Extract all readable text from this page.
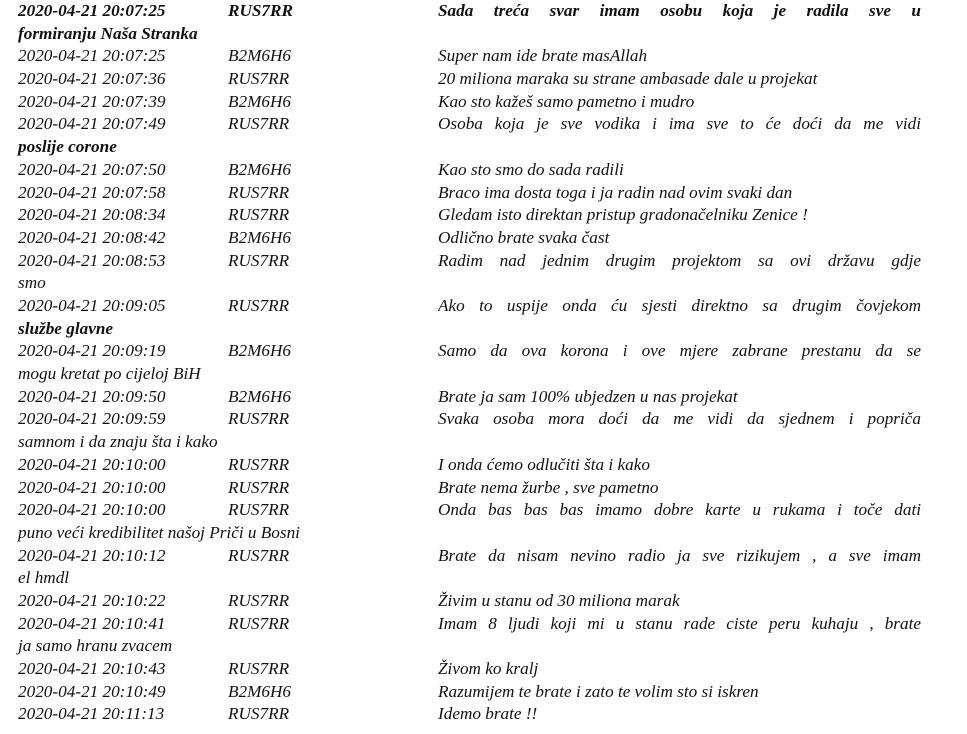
2020-04-21 20:07:25	RUS7RR	Sada treća svar imam osobu koja je radila sve u
formiranju Naša Stranka
2020-04-21 20:07:25	B2M6H6	Super nam ide brate masAllah
2020-04-21 20:07:36	RUS7RR	20 miliona maraka su strane ambasade dale u projekat
2020-04-21 20:07:39	B2M6H6	Kao sto kažeš samo pametno i mudro
2020-04-21 20:07:49	RUS7RR	Osoba koja je sve vodika i ima sve to će doći da me vidi
poslije corone
2020-04-21 20:07:50	B2M6H6	Kao sto smo do sada radili
2020-04-21 20:07:58	RUS7RR	Braco ima dosta toga i ja radin nad ovim svaki dan
2020-04-21 20:08:34	RUS7RR	Gledam isto direktan pristup gradonačelniku Zenice !
2020-04-21 20:08:42	B2M6H6	Odlično brate svaka čast
2020-04-21 20:08:53	RUS7RR	Radim nad jednim drugim projektom sa ovi državu gdje
smo
2020-04-21 20:09:05	RUS7RR	Ako to uspije onda ću sjesti direktno sa drugim čovjekom
službe glavne
2020-04-21 20:09:19	B2M6H6	Samo da ova korona i ove mjere zabrane prestanu da se
mogu kretat po cijeloj BiH
2020-04-21 20:09:50	B2M6H6	Brate ja sam 100% ubjedzen u nas projekat
2020-04-21 20:09:59	RUS7RR	Svaka osoba mora doći da me vidi da sjednem i popriča
samnom i da znaju šta i kako
2020-04-21 20:10:00	RUS7RR	I onda ćemo odlučiti šta i kako
2020-04-21 20:10:00	RUS7RR	Brate nema žurbe , sve pametno
2020-04-21 20:10:00	RUS7RR	Onda bas bas bas imamo dobre karte u rukama i toče dati
puno veći kredibilitet našoj Priči u Bosni
2020-04-21 20:10:12	RUS7RR	Brate da nisam nevino radio ja sve rizikujem , a sve imam
el hmdl
2020-04-21 20:10:22	RUS7RR	Živim u stanu od 30 miliona marak
2020-04-21 20:10:41	RUS7RR	Imam 8 ljudi koji mi u stanu rade ciste peru kuhaju , brate
ja samo hranu zvacem
2020-04-21 20:10:43	RUS7RR	Živom ko kralj
2020-04-21 20:10:49	B2M6H6	Razumijem te brate i zato te volim sto si iskren
2020-04-21 20:11:13	RUS7RR	Idemo brate !!
